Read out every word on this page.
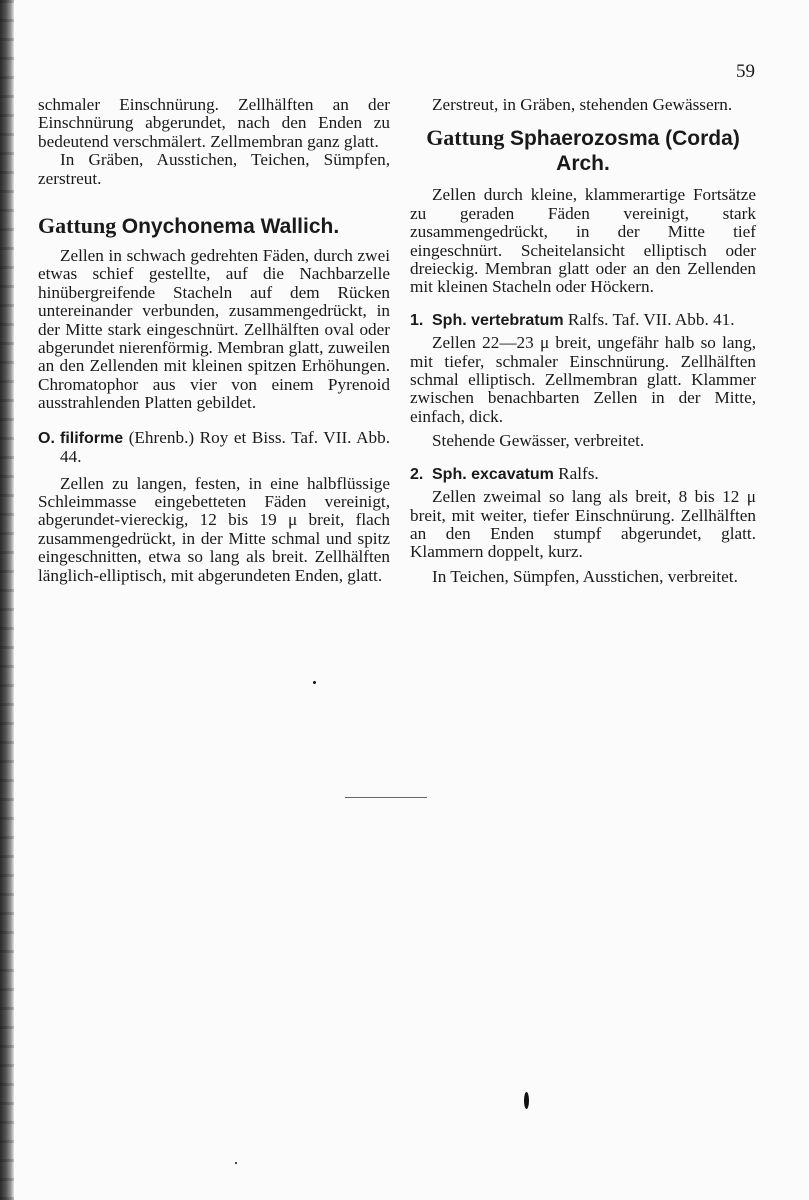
59

schmaler Einschnürung. Zellhälften an der Einschnürung abgerundet, nach den Enden zu bedeutend verschmälert. Zellmembran ganz glatt.

In Gräben, Ausstichen, Teichen, Sümpfen, zerstreut.

Gattung Onychonema Wallich.

Zellen in schwach gedrehten Fäden, durch zwei etwas schief gestellte, auf die Nachbarzelle hinübergreifende Stacheln auf dem Rücken untereinander verbunden, zusammengedrückt, in der Mitte stark eingeschnürt. Zellhälften oval oder abgerundet nierenförmig. Membran glatt, zuweilen an den Zellenden mit kleinen spitzen Erhöhungen. Chromatophor aus vier von einem Pyrenoid ausstrahlenden Platten gebildet.

O. filiforme (Ehrenb.) Roy et Biss. Taf. VII. Abb. 44.

Zellen zu langen, festen, in eine halbflüssige Schleimmasse eingebetteten Fäden vereinigt, abgerundet-viereckig, 12 bis 19 μ breit, flach zusammengedrückt, in der Mitte schmal und spitz eingeschnitten, etwa so lang als breit. Zellhälften länglich-elliptisch, mit abgerundeten Enden, glatt.

Zerstreut, in Gräben, stehenden Gewässern.

Gattung Sphaerozosma (Corda) Arch.

Zellen durch kleine, klammerartige Fortsätze zu geraden Fäden vereinigt, stark zusammengedrückt, in der Mitte tief eingeschnürt. Scheitelansicht elliptisch oder dreieckig. Membran glatt oder an den Zellenden mit kleinen Stacheln oder Höckern.

1. Sph. vertebratum Ralfs. Taf. VII. Abb. 41.

Zellen 22—23 μ breit, ungefähr halb so lang, mit tiefer, schmaler Einschnürung. Zellhälften schmal elliptisch. Zellmembran glatt. Klammer zwischen benachbarten Zellen in der Mitte, einfach, dick.

Stehende Gewässer, verbreitet.

2. Sph. excavatum Ralfs.

Zellen zweimal so lang als breit, 8 bis 12 μ breit, mit weiter, tiefer Einschnürung. Zellhälften an den Enden stumpf abgerundet, glatt. Klammern doppelt, kurz.

In Teichen, Sümpfen, Ausstichen, verbreitet.
